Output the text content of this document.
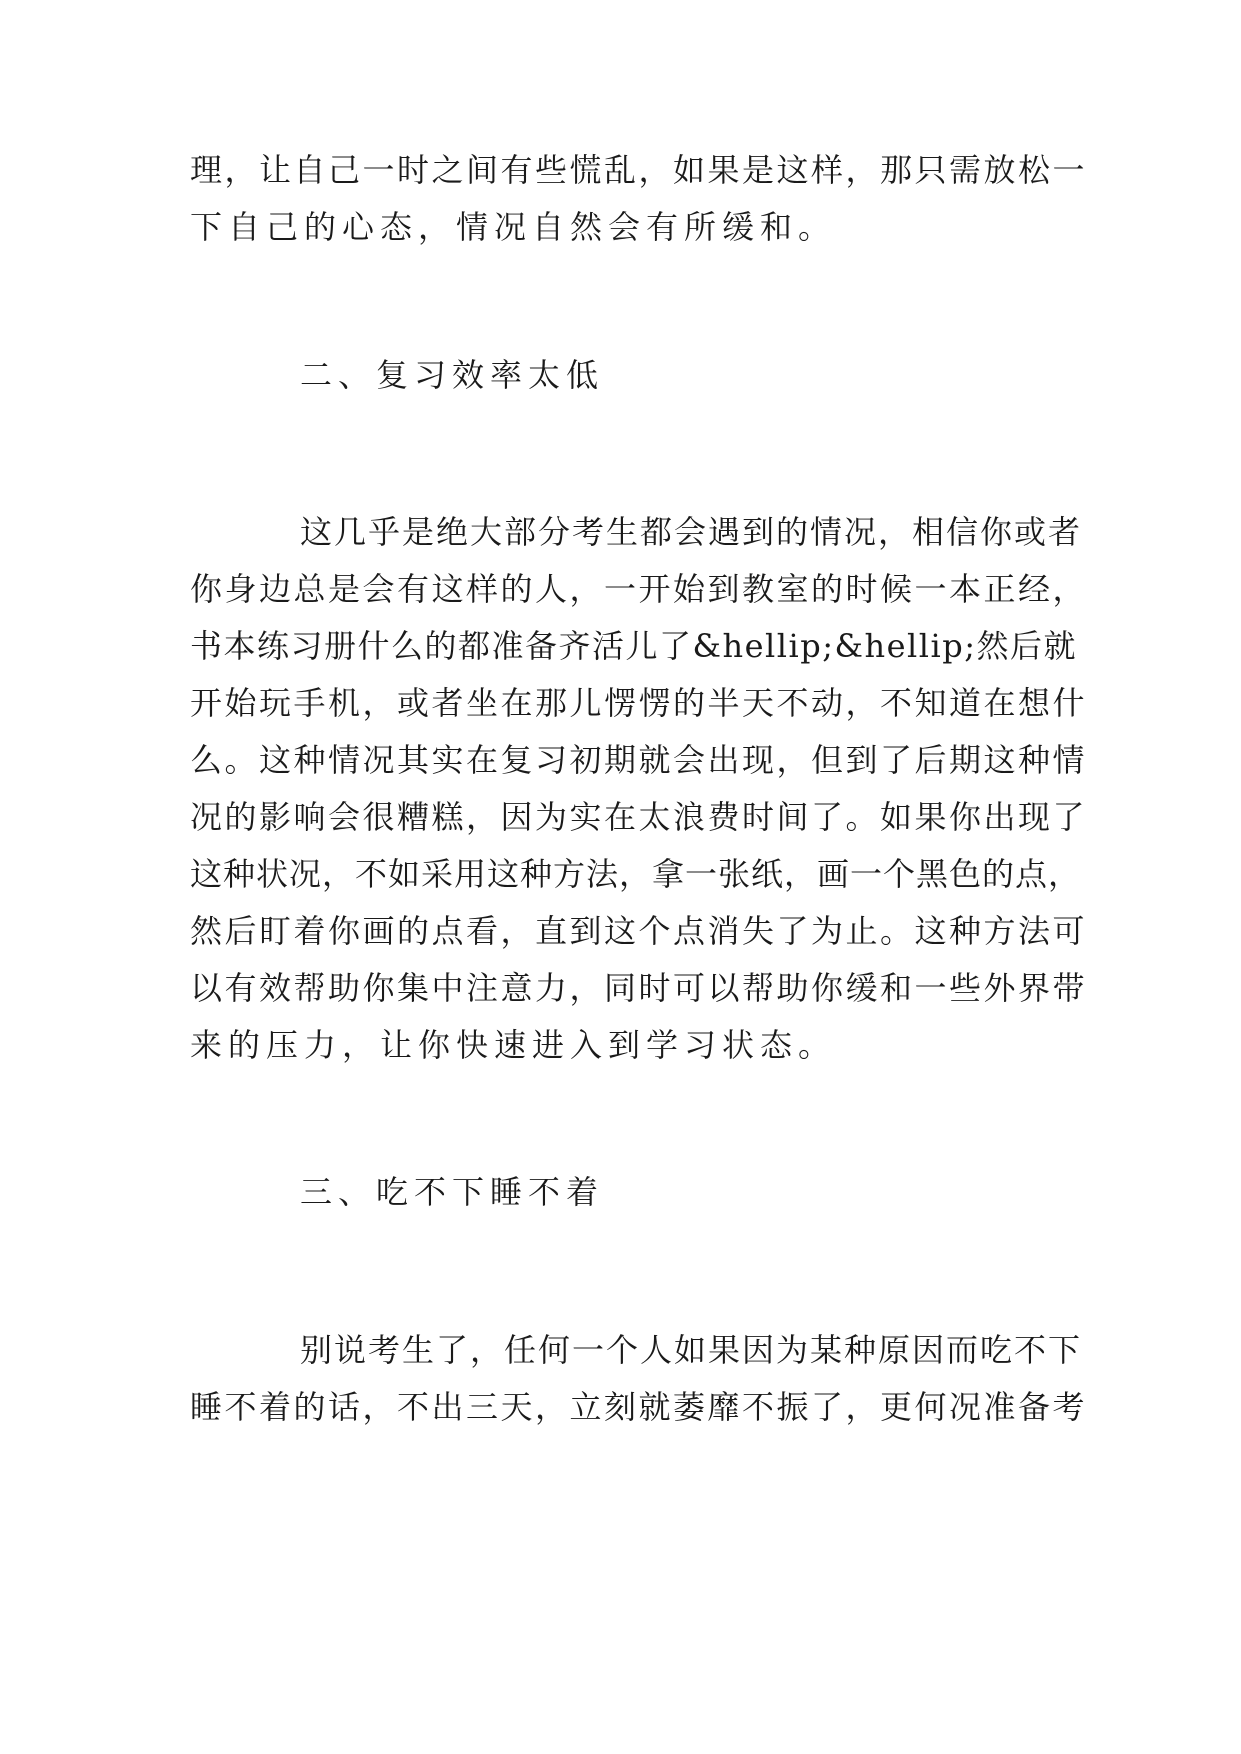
理，让自己一时之间有些慌乱，如果是这样，那只需放松一
下自己的心态，情况自然会有所缓和。
二、复习效率太低
这几乎是绝大部分考生都会遇到的情况，相信你或者
你身边总是会有这样的人，一开始到教室的时候一本正经，
书本练习册什么的都准备齐活儿了&hellip;&hellip;然后就
开始玩手机，或者坐在那儿愣愣的半天不动，不知道在想什
么。这种情况其实在复习初期就会出现，但到了后期这种情
况的影响会很糟糕，因为实在太浪费时间了。如果你出现了
这种状况，不如采用这种方法，拿一张纸，画一个黑色的点，
然后盯着你画的点看，直到这个点消失了为止。这种方法可
以有效帮助你集中注意力，同时可以帮助你缓和一些外界带
来的压力，让你快速进入到学习状态。
三、吃不下睡不着
别说考生了，任何一个人如果因为某种原因而吃不下
睡不着的话，不出三天，立刻就萎靡不振了，更何况准备考
